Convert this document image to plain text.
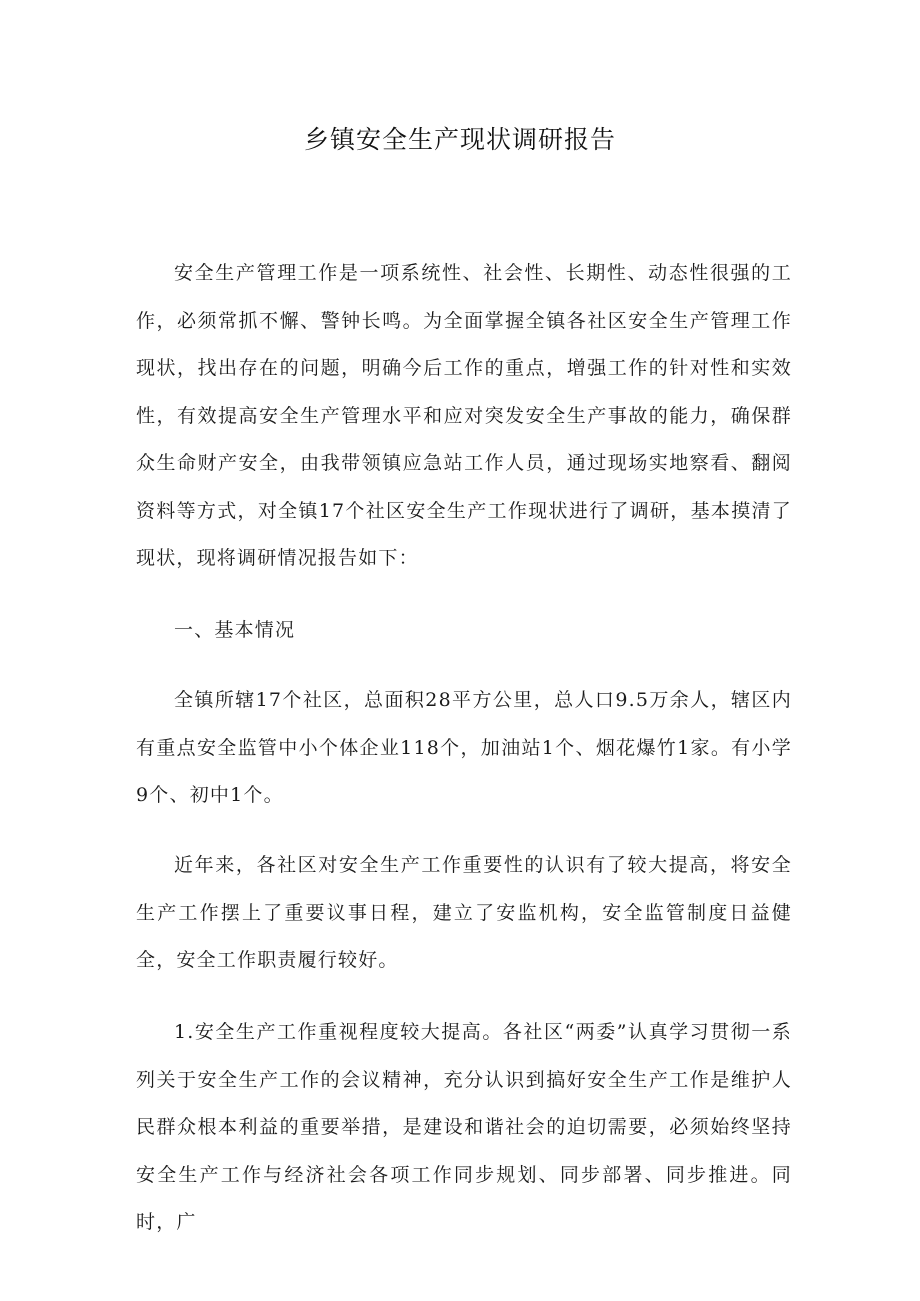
乡镇安全生产现状调研报告

安全生产管理工作是一项系统性、社会性、长期性、动态性很强的工作，必须常抓不懈、警钟长鸣。为全面掌握全镇各社区安全生产管理工作现状，找出存在的问题，明确今后工作的重点，增强工作的针对性和实效性，有效提高安全生产管理水平和应对突发安全生产事故的能力，确保群众生命财产安全，由我带领镇应急站工作人员，通过现场实地察看、翻阅资料等方式，对全镇17个社区安全生产工作现状进行了调研，基本摸清了现状，现将调研情况报告如下：

一、基本情况

全镇所辖17个社区，总面积28平方公里，总人口9.5万余人，辖区内有重点安全监管中小个体企业118个，加油站1个、烟花爆竹1家。有小学9个、初中1个。

近年来，各社区对安全生产工作重要性的认识有了较大提高，将安全生产工作摆上了重要议事日程，建立了安监机构，安全监管制度日益健全，安全工作职责履行较好。

1.安全生产工作重视程度较大提高。各社区“两委”认真学习贯彻一系列关于安全生产工作的会议精神，充分认识到搞好安全生产工作是维护人民群众根本利益的重要举措，是建设和谐社会的迫切需要，必须始终坚持安全生产工作与经济社会各项工作同步规划、同步部署、同步推进。同时，广
